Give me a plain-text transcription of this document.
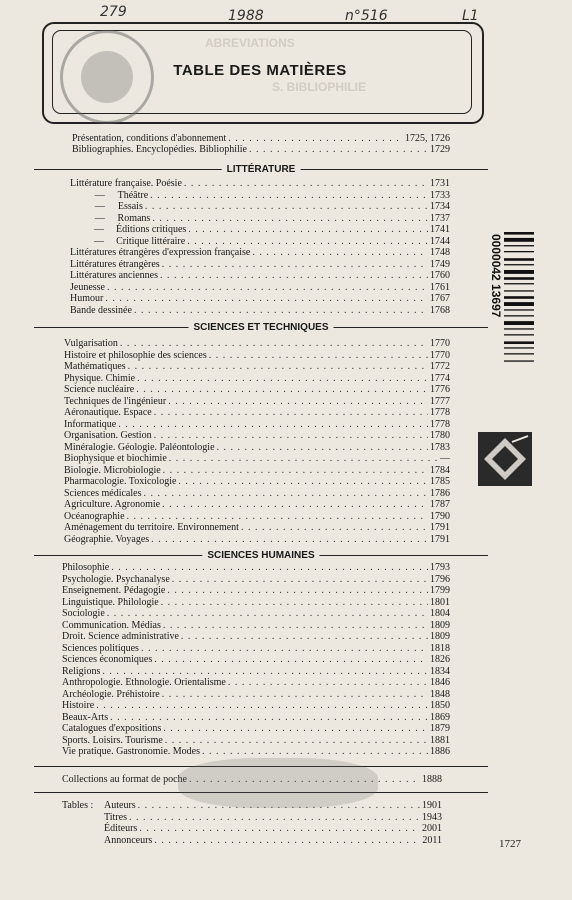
279	1988	n°516	L1
ABREVIATIONS
S. BIBLIOPHILIE
TABLE DES MATIÈRES
Présentation, conditions d'abonnement . . .	1725, 1726
Bibliographies. Encyclopédies. Bibliophilie . . .	1729
LITTÉRATURE
Littérature française. Poésie . . .	1731
— Théâtre . . .	1733
— Essais . . .	1734
— Romans . . .	1737
— Éditions critiques . . .	1741
— Critique littéraire . . .	1744
Littératures étrangères d'expression française . . .	1748
Littératures étrangères . . .	1749
Littératures anciennes . . .	1760
Jeunesse . . .	1761
Humour . . .	1767
Bande dessinée . . .	1768
SCIENCES ET TECHNIQUES
Vulgarisation . . .	1770
Histoire et philosophie des sciences . . .	1770
Mathématiques . . .	1772
Physique. Chimie . . .	1774
Science nucléaire . . .	1776
Techniques de l'ingénieur . . .	1777
Aéronautique. Espace . . .	1778
Informatique . . .	1778
Organisation. Gestion . . .	1780
Minéralogie. Géologie. Paléontologie . . .	1783
Biophysique et biochimie . . .	—
Biologie. Microbiologie . . .	1784
Pharmacologie. Toxicologie . . .	1785
Sciences médicales . . .	1786
Agriculture. Agronomie . . .	1787
Océanographie . . .	1790
Aménagement du territoire. Environnement . . .	1791
Géographie. Voyages . . .	1791
SCIENCES HUMAINES
Philosophie . . .	1793
Psychologie. Psychanalyse . . .	1796
Enseignement. Pédagogie . . .	1799
Linguistique. Philologie . . .	1801
Sociologie . . .	1804
Communication. Médias . . .	1809
Droit. Science administrative . . .	1809
Sciences politiques . . .	1818
Sciences économiques . . .	1826
Religions . . .	1834
Anthropologie. Ethnologie. Orientalisme . . .	1846
Archéologie. Préhistoire . . .	1848
Histoire . . .	1850
Beaux-Arts . . .	1869
Catalogues d'expositions . . .	1879
Sports. Loisirs. Tourisme . . .	1881
Vie pratique. Gastronomie. Modes . . .	1886
Collections au format de poche . . .	1888
Tables : Auteurs . . .	1901
Titres . . .	1943
Éditeurs . . .	2001
Annonceurs . . .	2011
0000042 13697
1727
